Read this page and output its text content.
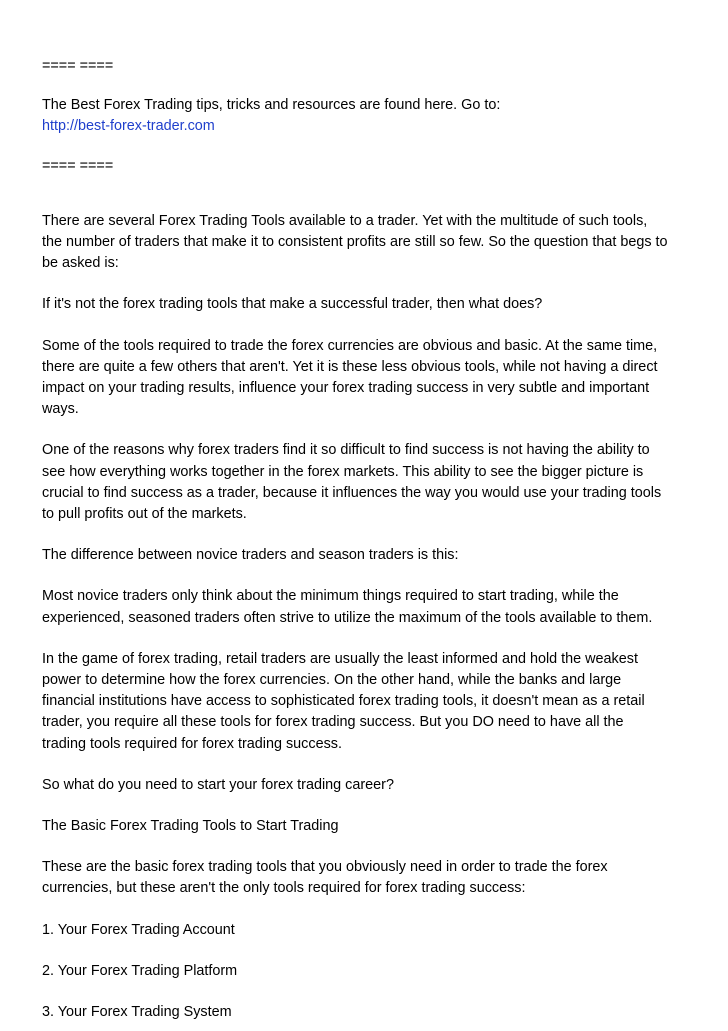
==== ====

The Best Forex Trading tips, tricks and resources are found here. Go to:

http://best-forex-trader.com

==== ====

There are several Forex Trading Tools available to a trader. Yet with the multitude of such tools,

the number of traders that make it to consistent profits are still so few. So the question that begs to

be asked is:

If it's not the forex trading tools that make a successful trader, then what does?

Some of the tools required to trade the forex currencies are obvious and basic. At the same time,

there are quite a few others that aren't. Yet it is these less obvious tools, while not having a direct

impact on your trading results, influence your forex trading success in very subtle and important

ways.

One of the reasons why forex traders find it so difficult to find success is not having the ability to

see how everything works together in the forex markets. This ability to see the bigger picture is

crucial to find success as a trader, because it influences the way you would use your trading tools

to pull profits out of the markets.

The difference between novice traders and season traders is this:

Most novice traders only think about the minimum things required to start trading, while the

experienced, seasoned traders often strive to utilize the maximum of the tools available to them.

In the game of forex trading, retail traders are usually the least informed and hold the weakest

power to determine how the forex currencies. On the other hand, while the banks and large

financial institutions have access to sophisticated forex trading tools, it doesn't mean as a retail

trader, you require all these tools for forex trading success. But you DO need to have all the

trading tools required for forex trading success.

So what do you need to start your forex trading career?

The Basic Forex Trading Tools to Start Trading

These are the basic forex trading tools that you obviously need in order to trade the forex

currencies, but these aren't the only tools required for forex trading success:

1. Your Forex Trading Account

2. Your Forex Trading Platform

3. Your Forex Trading System
